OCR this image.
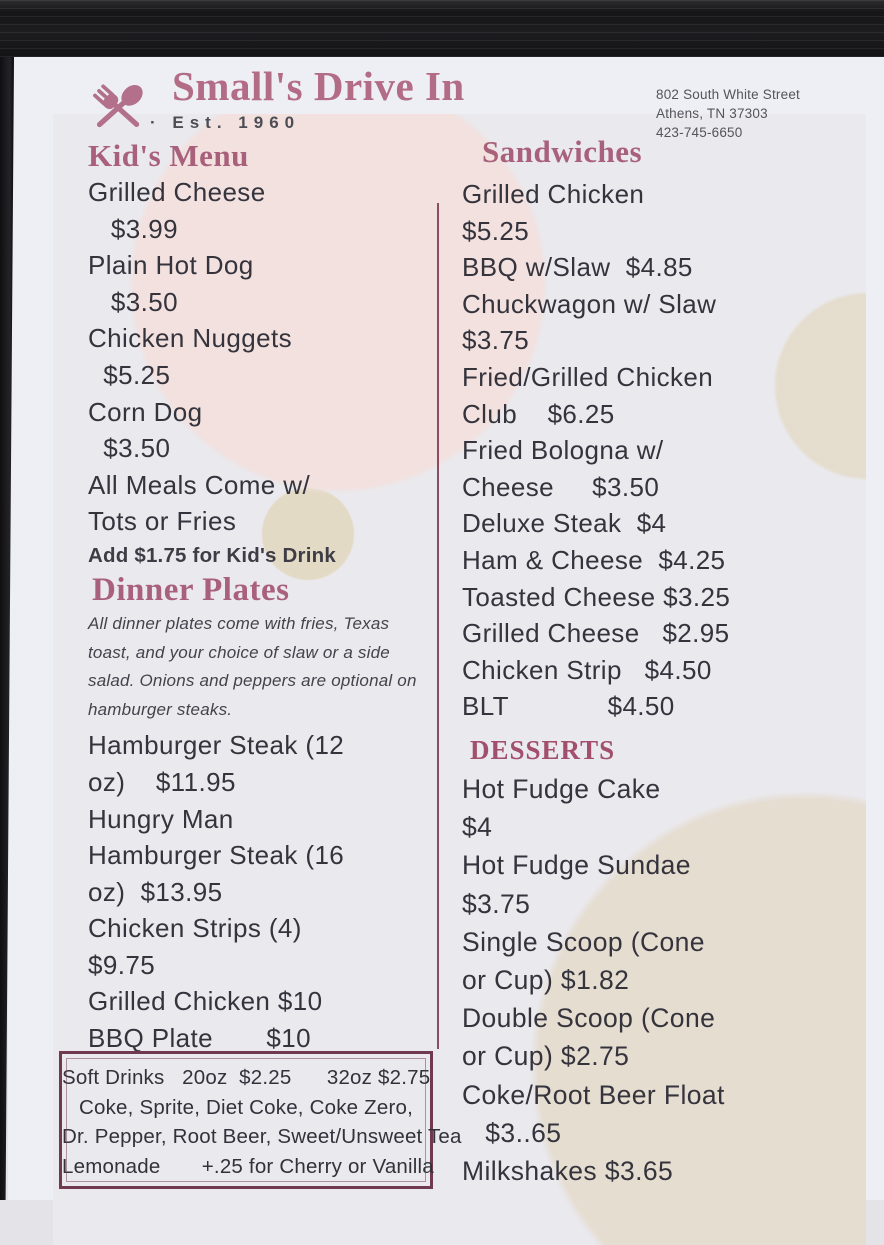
Small's Drive In
· Est. 1960
802 South White Street
Athens, TN 37303
423-745-6650
Kid's Menu
Grilled Cheese
$3.99
Plain Hot Dog
$3.50
Chicken Nuggets
$5.25
Corn Dog
$3.50
All Meals Come w/
Tots or Fries
Add $1.75 for Kid's Drink
Dinner Plates
All dinner plates come with fries, Texas
toast, and your choice of slaw or a side
salad. Onions and peppers are optional on
hamburger steaks.
Hamburger Steak (12
oz)    $11.95
Hungry Man
Hamburger Steak (16
oz)  $13.95
Chicken Strips (4)
$9.75
Grilled Chicken $10
BBQ Plate       $10
Sandwiches
Grilled Chicken
$5.25
BBQ w/Slaw  $4.85
Chuckwagon w/ Slaw
$3.75
Fried/Grilled Chicken
Club    $6.25
Fried Bologna w/
Cheese     $3.50
Deluxe Steak  $4
Ham & Cheese  $4.25
Toasted Cheese $3.25
Grilled Cheese   $2.95
Chicken Strip   $4.50
BLT             $4.50
DESSERTS
Hot Fudge Cake
$4
Hot Fudge Sundae
$3.75
Single Scoop (Cone
or Cup) $1.82
Double Scoop (Cone
or Cup) $2.75
Coke/Root Beer Float
$3..65
Milkshakes $3.65
Soft Drinks   20oz  $2.25      32oz $2.75
Coke, Sprite, Diet Coke, Coke Zero,
Dr. Pepper, Root Beer, Sweet/Unsweet Tea
Lemonade       +.25 for Cherry or Vanilla
